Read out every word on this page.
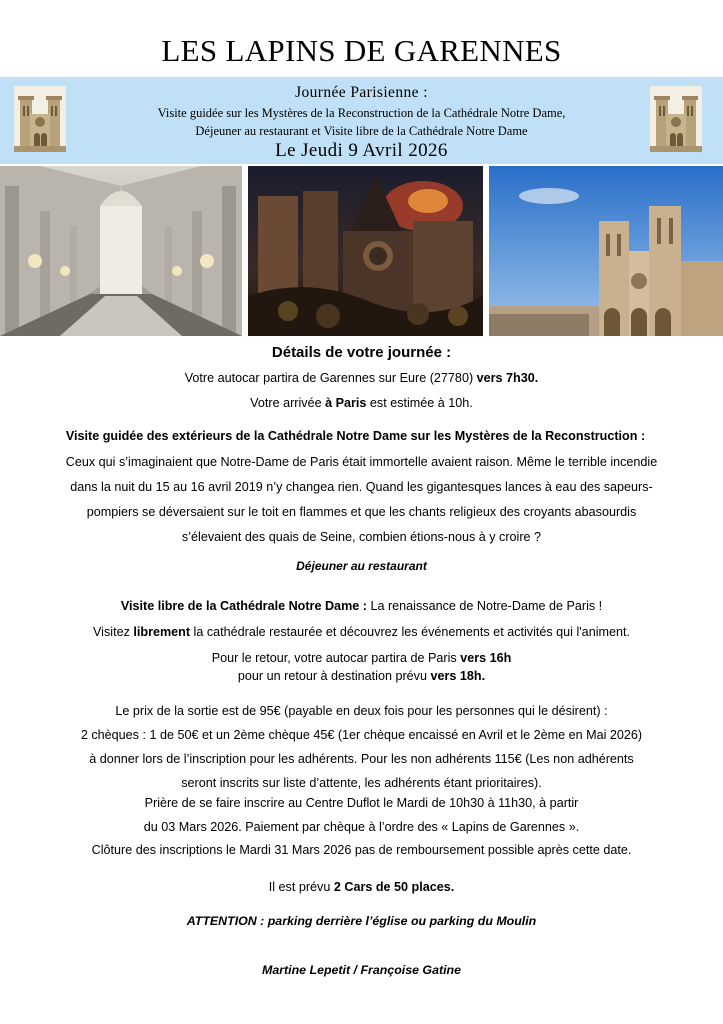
LES LAPINS DE GARENNES
Journée Parisienne :
Visite guidée sur les Mystères de la Reconstruction de la Cathédrale Notre Dame,
Déjeuner au restaurant et Visite libre de la Cathédrale Notre Dame
Le Jeudi 9 Avril 2026
Détails de votre journée :
Votre autocar partira de Garennes sur Eure (27780) vers 7h30.
Votre arrivée à Paris est estimée à 10h.
Visite guidée des extérieurs de la Cathédrale Notre Dame sur les Mystères de la Reconstruction :
Ceux qui s’imaginaient que Notre-Dame de Paris était immortelle avaient raison. Même le terrible incendie
dans la nuit du 15 au 16 avril 2019 n’y changea rien. Quand les gigantesques lances à eau des sapeurs-
pompiers se déversaient sur le toit en flammes et que les chants religieux des croyants abasourdis
s’élevaient des quais de Seine, combien étions-nous à y croire ?
Déjeuner au restaurant
Visite libre de la Cathédrale Notre Dame : La renaissance de Notre-Dame de Paris !
Visitez librement la cathédrale restaurée et découvrez les événements et activités qui l'animent.
Pour le retour, votre autocar partira de Paris vers 16h
pour un retour à destination prévu vers 18h.
Le prix de la sortie est de 95€ (payable en deux fois pour les personnes qui le désirent) :
2 chèques : 1 de 50€ et un 2ème chèque 45€ (1er chèque encaissé en Avril et le 2ème en Mai 2026)
à donner lors de l’inscription pour les adhérents. Pour les non adhérents 115€ (Les non adhérents
seront inscrits sur liste d’attente, les adhérents étant prioritaires).
Prière de se faire inscrire au Centre Duflot le Mardi de 10h30 à 11h30, à partir
du 03 Mars 2026. Paiement par chèque à l’ordre des « Lapins de Garennes ».
Clôture des inscriptions le Mardi 31 Mars 2026 pas de remboursement possible après cette date.
Il est prévu 2 Cars de 50 places.
ATTENTION : parking derrière l’église ou parking du Moulin
Martine Lepetit / Françoise Gatine
